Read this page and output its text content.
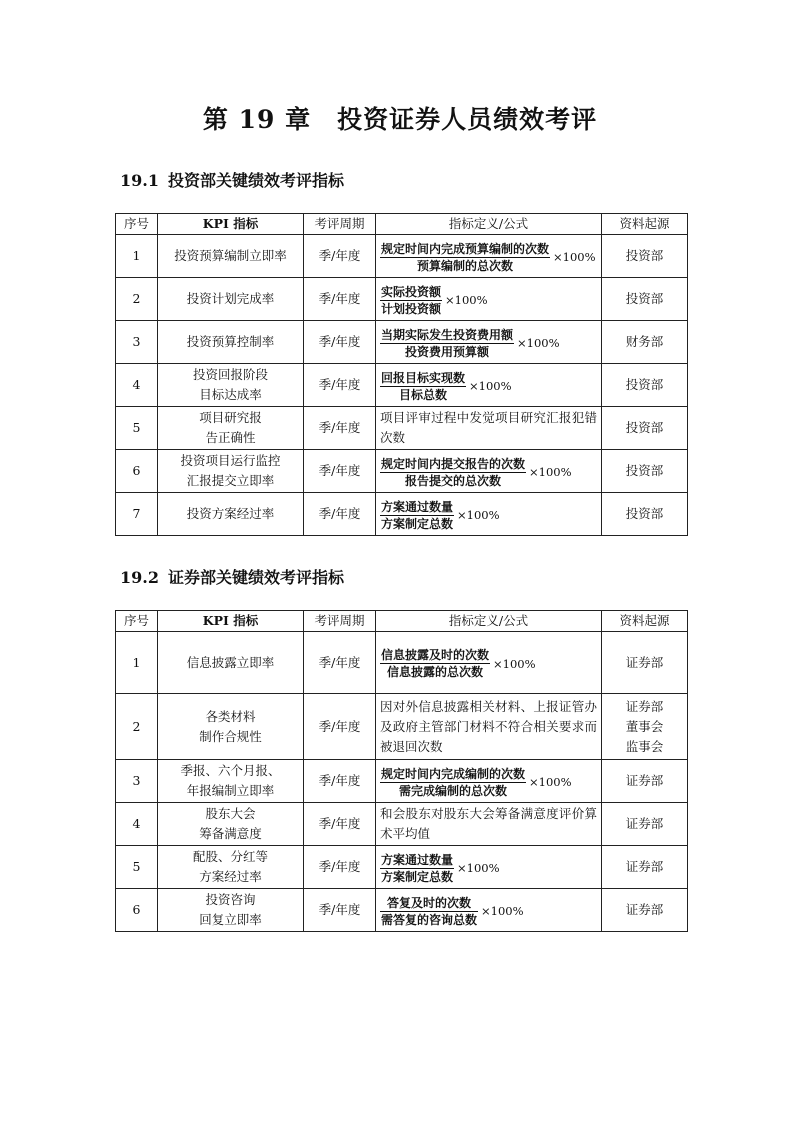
第 19 章　投资证券人员绩效考评
19.1 投资部关键绩效考评指标
序号	KPI 指标	考评周期	指标定义/公式	资料起源
1	投资预算编制立即率	季/年度	$\frac{\text{规定时间内完成预算编制的次数}}{\text{预算编制的总次数}} \times 100\%$	投资部

2	投资计划完成率	季/年度	$\frac{\text{实际投资额}}{\text{计划投资额}} \times 100\%$	投资部

3	投资预算控制率	季/年度	$\frac{\text{当期实际发生投资费用额}}{\text{投资费用预算额}} \times 100\%$	财务部

4	投资回报阶段
目标达成率	季/年度	$\frac{\text{回报目标实现数}}{\text{目标总数}} \times 100\%$	投资部

5	项目研究报
告正确性	季/年度	项目评审过程中发觉项目研究汇报犯错次数	投资部

6	投资项目运行监控
汇报提交立即率	季/年度	$\frac{\text{规定时间内提交报告的次数}}{\text{报告提交的总次数}} \times 100\%$	投资部

7	投资方案经过率	季/年度	$\frac{\text{方案通过数量}}{\text{方案制定总数}} \times 100\%$	投资部
19.2 证券部关键绩效考评指标
序号	KPI 指标	考评周期	指标定义/公式	资料起源
1	信息披露立即率	季/年度	$\frac{\text{信息披露及时的次数}}{\text{信息披露的总次数}} \times 100\%$	证券部

2	各类材料
制作合规性	季/年度	因对外信息披露相关材料、上报证管办及政府主管部门材料不符合相关要求而被退回次数	证券部
董事会
监事会

3	季报、六个月报、
年报编制立即率	季/年度	$\frac{\text{规定时间内完成编制的次数}}{\text{需完成编制的总次数}} \times 100\%$	证券部

4	股东大会
筹备满意度	季/年度	和会股东对股东大会筹备满意度评价算术平均值	证券部

5	配股、分红等
方案经过率	季/年度	$\frac{\text{方案通过数量}}{\text{方案制定总数}} \times 100\%$	证券部

6	投资咨询
回复立即率	季/年度	$\frac{\text{答复及时的次数}}{\text{需答复的咨询总数}} \times 100\%$	证券部
